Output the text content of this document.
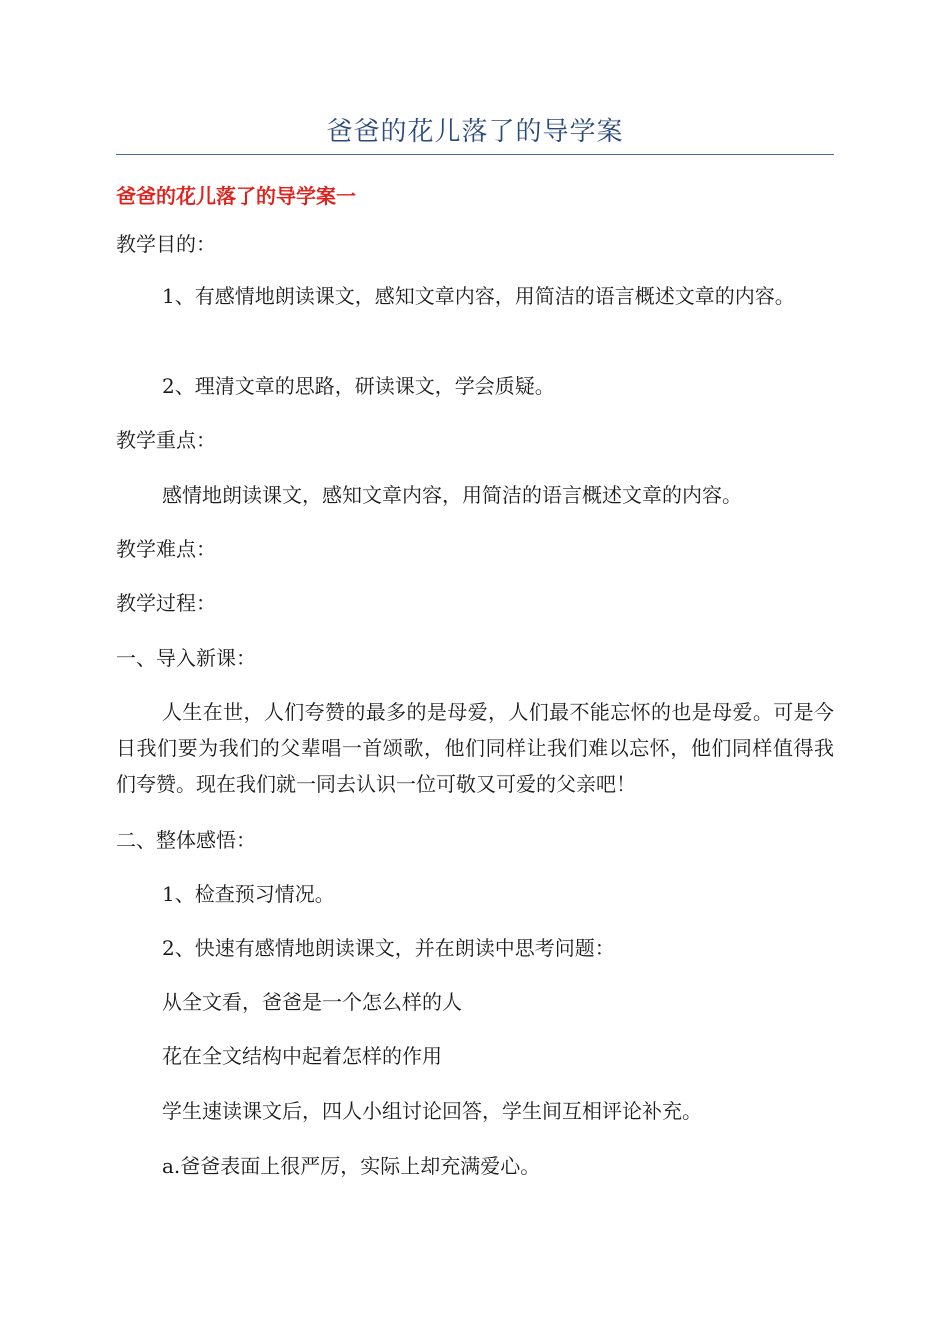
爸爸的花儿落了的导学案
爸爸的花儿落了的导学案一
教学目的：
1、有感情地朗读课文，感知文章内容，用简洁的语言概述文章的内容。
2、理清文章的思路，研读课文，学会质疑。
教学重点：
感情地朗读课文，感知文章内容，用简洁的语言概述文章的内容。
教学难点：
教学过程：
一、导入新课：
人生在世，人们夸赞的最多的是母爱，人们最不能忘怀的也是母爱。可是今日我们要为我们的父辈唱一首颂歌，他们同样让我们难以忘怀，他们同样值得我们夸赞。现在我们就一同去认识一位可敬又可爱的父亲吧！
二、整体感悟：
1、检查预习情况。
2、快速有感情地朗读课文，并在朗读中思考问题：
从全文看，爸爸是一个怎么样的人
花在全文结构中起着怎样的作用
学生速读课文后，四人小组讨论回答，学生间互相评论补充。
a.爸爸表面上很严厉，实际上却充满爱心。
